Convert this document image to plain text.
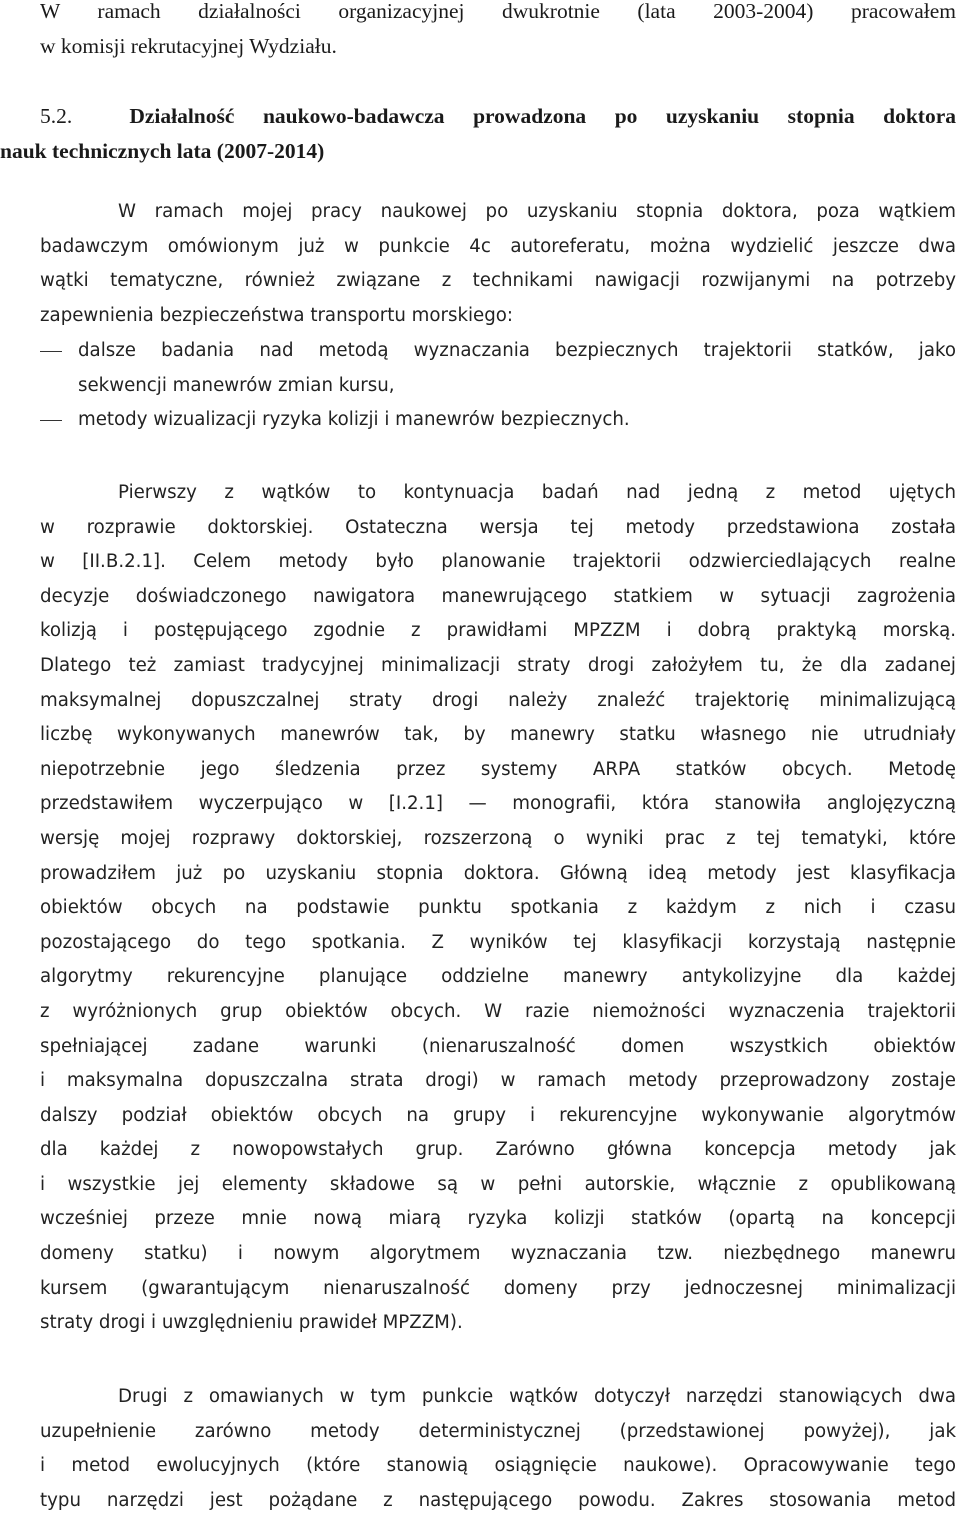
W ramach działalności organizacyjnej dwukrotnie (lata 2003-2004) pracowałem
w komisji rekrutacyjnej Wydziału.
5.2.	Działalność naukowo-badawcza prowadzona po uzyskaniu stopnia doktora
nauk technicznych lata (2007-2014)
W ramach mojej pracy naukowej po uzyskaniu stopnia doktora, poza wątkiem
badawczym omówionym już w punkcie 4c autoreferatu, można wydzielić jeszcze dwa
wątki tematyczne, również związane z technikami nawigacji rozwijanymi na potrzeby
zapewnienia bezpieczeństwa transportu morskiego:
dalsze badania nad metodą wyznaczania bezpiecznych trajektorii statków, jako
sekwencji manewrów zmian kursu,
metody wizualizacji ryzyka kolizji i manewrów bezpiecznych.
Pierwszy z wątków to kontynuacja badań nad jedną z metod ujętych
w rozprawie doktorskiej. Ostateczna wersja tej metody przedstawiona została
w [II.B.2.1]. Celem metody było planowanie trajektorii odzwierciedlających realne
decyzje doświadczonego nawigatora manewrującego statkiem w sytuacji zagrożenia
kolizją i postępującego zgodnie z prawidłami MPZZM i dobrą praktyką morską.
Dlatego też zamiast tradycyjnej minimalizacji straty drogi założyłem tu, że dla zadanej
maksymalnej dopuszczalnej straty drogi należy znaleźć trajektorię minimalizującą
liczbę wykonywanych manewrów tak, by manewry statku własnego nie utrudniały
niepotrzebnie jego śledzenia przez systemy ARPA statków obcych. Metodę
przedstawiłem wyczerpująco w [I.2.1] — monografii, która stanowiła anglojęzyczną
wersję mojej rozprawy doktorskiej, rozszerzoną o wyniki prac z tej tematyki, które
prowadziłem już po uzyskaniu stopnia doktora. Główną ideą metody jest klasyfikacja
obiektów obcych na podstawie punktu spotkania z każdym z nich i czasu
pozostającego do tego spotkania. Z wyników tej klasyfikacji korzystają następnie
algorytmy rekurencyjne planujące oddzielne manewry antykolizyjne dla każdej
z wyróżnionych grup obiektów obcych. W razie niemożności wyznaczenia trajektorii
spełniającej zadane warunki (nienaruszalność domen wszystkich obiektów
i maksymalna dopuszczalna strata drogi) w ramach metody przeprowadzony zostaje
dalszy podział obiektów obcych na grupy i rekurencyjne wykonywanie algorytmów
dla każdej z nowopowstałych grup. Zarówno główna koncepcja metody jak
i wszystkie jej elementy składowe są w pełni autorskie, włącznie z opublikowaną
wcześniej przeze mnie nową miarą ryzyka kolizji statków (opartą na koncepcji
domeny statku) i nowym algorytmem wyznaczania tzw. niezbędnego manewru
kursem (gwarantującym nienaruszalność domeny przy jednoczesnej minimalizacji
straty drogi i uwzględnieniu prawideł MPZZM).
Drugi z omawianych w tym punkcie wątków dotyczył narzędzi stanowiących dwa
uzupełnienie zarówno metody deterministycznej (przedstawionej powyżej), jak
i metod ewolucyjnych (które stanowią osiągnięcie naukowe). Opracowywanie tego
typu narzędzi jest pożądane z następującego powodu. Zakres stosowania metod
